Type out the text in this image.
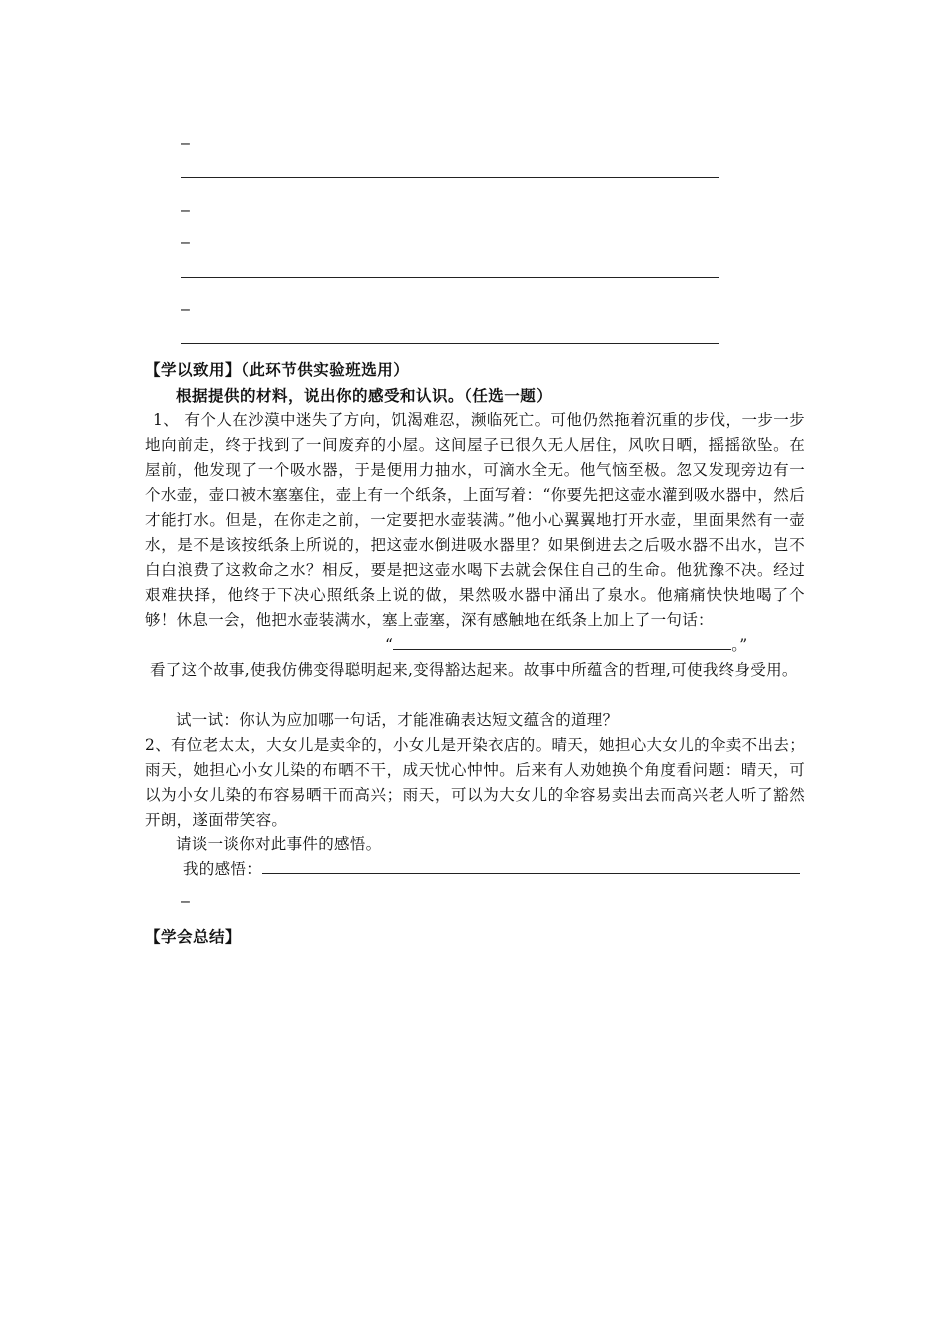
–
–
–
–
【学以致用】（此环节供实验班选用）
根据提供的材料，说出你的感受和认识。（任选一题）
1、 有个人在沙漠中迷失了方向，饥渴难忍，濒临死亡。可他仍然拖着沉重的步伐，一步一步地向前走，终于找到了一间废弃的小屋。这间屋子已很久无人居住，风吹日晒，摇摇欲坠。在屋前，他发现了一个吸水器，于是便用力抽水，可滴水全无。他气恼至极。忽又发现旁边有一个水壶，壶口被木塞塞住，壶上有一个纸条，上面写着：“你要先把这壶水灌到吸水器中，然后才能打水。但是，在你走之前，一定要把水壶装满。”他小心翼翼地打开水壶，里面果然有一壶水，是不是该按纸条上所说的，把这壶水倒进吸水器里？如果倒进去之后吸水器不出水，岂不白白浪费了这救命之水？相反，要是把这壶水喝下去就会保住自己的生命。他犹豫不决。经过艰难抉择，他终于下决心照纸条上说的做，果然吸水器中涌出了泉水。他痛痛快快地喝了个够！休息一会，他把水壶装满水，塞上壶塞，深有感触地在纸条上加上了一句话：
“	。”
看了这个故事,使我仿佛变得聪明起来,变得豁达起来。故事中所蕴含的哲理,可使我终身受用。
试一试：你认为应加哪一句话，才能准确表达短文蕴含的道理？
2、有位老太太，大女儿是卖伞的，小女儿是开染衣店的。晴天，她担心大女儿的伞卖不出去；雨天，她担心小女儿染的布晒不干，成天忧心忡忡。后来有人劝她换个角度看问题：晴天，可以为小女儿染的布容易晒干而高兴；雨天，可以为大女儿的伞容易卖出去而高兴老人听了豁然开朗，遂面带笑容。
请谈一谈你对此事件的感悟。
我的感悟：
–
【学会总结】
